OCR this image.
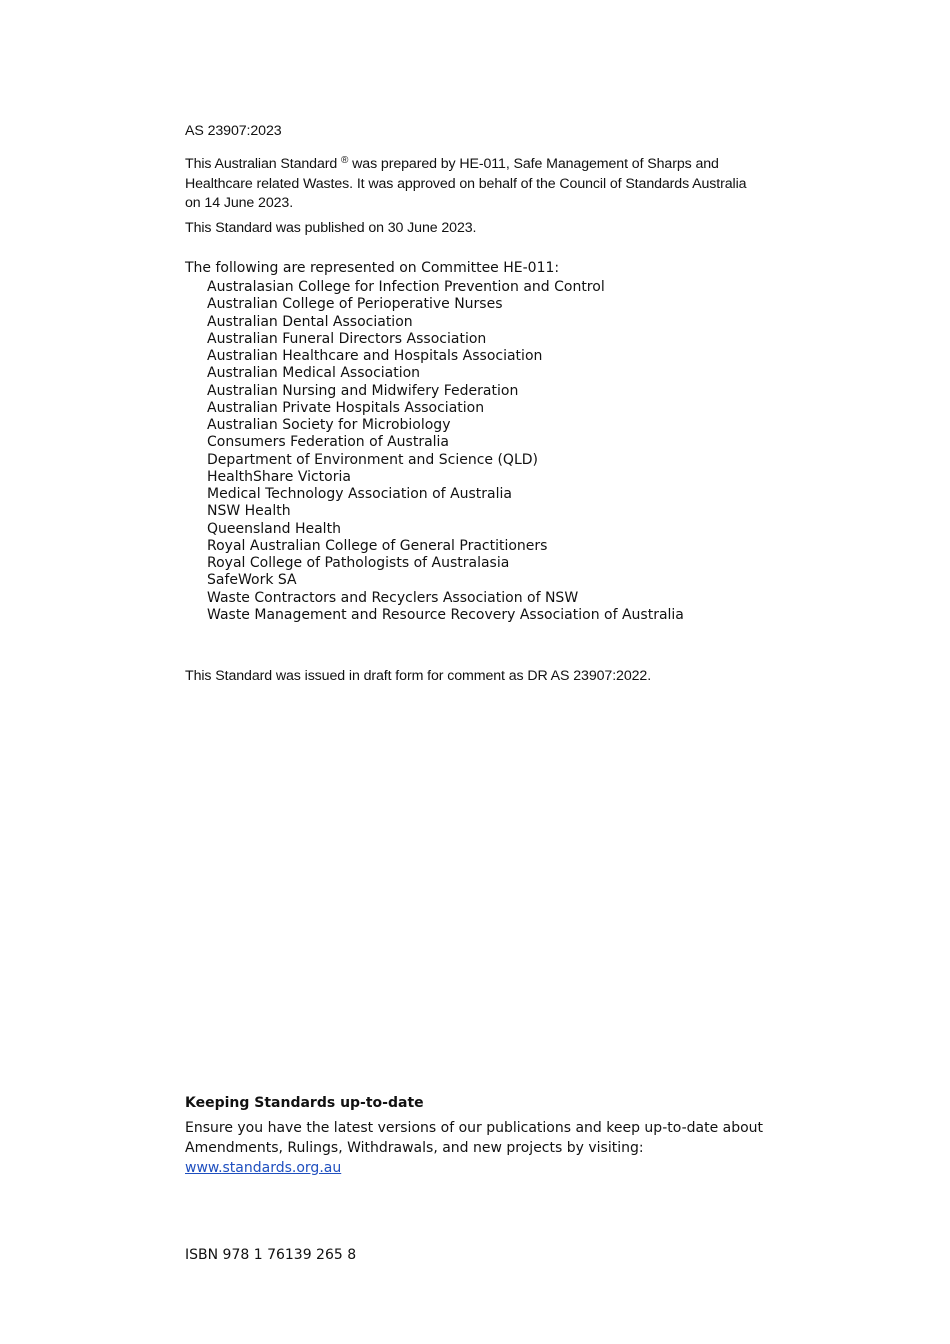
AS 23907:2023

This Australian Standard ® was prepared by HE-011, Safe Management of Sharps and
Healthcare related Wastes. It was approved on behalf of the Council of Standards Australia
on 14 June 2023.

This Standard was published on 30 June 2023.

The following are represented on Committee HE-011:

Australasian College for Infection Prevention and Control
Australian College of Perioperative Nurses
Australian Dental Association
Australian Funeral Directors Association
Australian Healthcare and Hospitals Association
Australian Medical Association
Australian Nursing and Midwifery Federation
Australian Private Hospitals Association
Australian Society for Microbiology
Consumers Federation of Australia
Department of Environment and Science (QLD)
HealthShare Victoria
Medical Technology Association of Australia
NSW Health
Queensland Health
Royal Australian College of General Practitioners
Royal College of Pathologists of Australasia
SafeWork SA
Waste Contractors and Recyclers Association of NSW
Waste Management and Resource Recovery Association of Australia

This Standard was issued in draft form for comment as DR AS 23907:2022.

Keeping Standards up-to-date

Ensure you have the latest versions of our publications and keep up-to-date about
Amendments, Rulings, Withdrawals, and new projects by visiting:
www.standards.org.au

ISBN 978 1 76139 265 8
